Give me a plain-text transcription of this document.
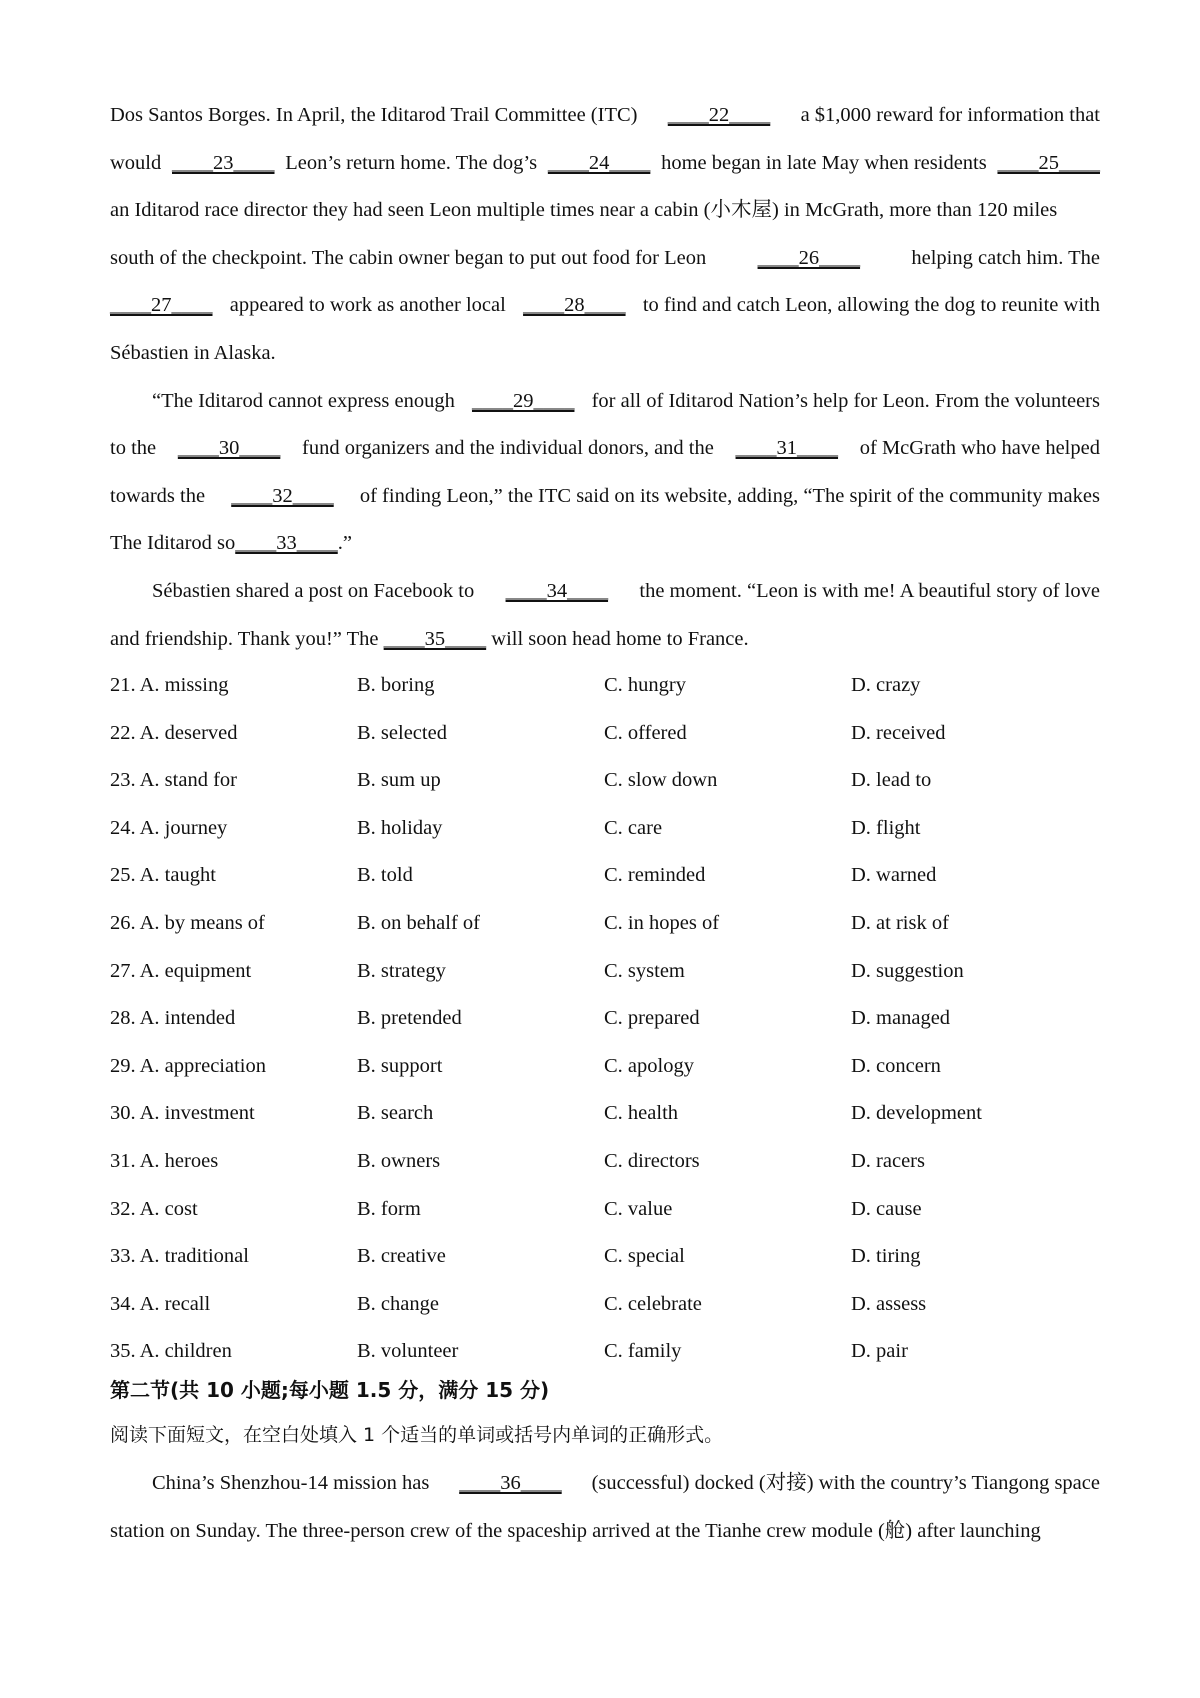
Dos Santos Borges. In April, the Iditarod Trail Committee (ITC) ____22____ a $1,000 reward for information that
would ____23____ Leon’s return home. The dog’s ____24____ home began in late May when residents ____25____
an Iditarod race director they had seen Leon multiple times near a cabin (小木屋) in McGrath, more than 120 miles
south of the checkpoint. The cabin owner began to put out food for Leon	____26____	helping catch him. The
____27____ appeared to work as another local ____28____ to find and catch Leon, allowing the dog to reunite with
Sébastien in Alaska.
“The Iditarod cannot express enough ____29____ for all of Iditarod Nation’s help for Leon. From the volunteers
to the ____30____ fund organizers and the individual donors, and the ____31____ of McGrath who have helped
towards the ____32____ of finding Leon,” the ITC said on its website, adding, “The spirit of the community makes
The Iditarod so ____33____ .”
Sébastien shared a post on Facebook to ____34____ the moment. “Leon is with me! A beautiful story of love
and friendship. Thank you!” The ____35____ will soon head home to France.
21. A. missing	B. boring	C. hungry	D. crazy
22. A. deserved	B. selected	C. offered	D. received
23. A. stand for	B. sum up	C. slow down	D. lead to
24. A. journey	B. holiday	C. care	D. flight
25. A. taught	B. told	C. reminded	D. warned
26. A. by means of	B. on behalf of	C. in hopes of	D. at risk of
27. A. equipment	B. strategy	C. system	D. suggestion
28. A. intended	B. pretended	C. prepared	D. managed
29. A. appreciation	B. support	C. apology	D. concern
30. A. investment	B. search	C. health	D. development
31. A. heroes	B. owners	C. directors	D. racers
32. A. cost	B. form	C. value	D. cause
33. A. traditional	B. creative	C. special	D. tiring
34. A. recall	B. change	C. celebrate	D. assess
35. A. children	B. volunteer	C. family	D. pair
第二节(共 10 小题;每小题 1.5 分，满分 15 分)
阅读下面短文，在空白处填入 1 个适当的单词或括号内单词的正确形式。
China’s Shenzhou-14 mission has ____36____ (successful) docked (对接) with the country’s Tiangong space
station on Sunday. The three-person crew of the spaceship arrived at the Tianhe crew module (舱) after launching
